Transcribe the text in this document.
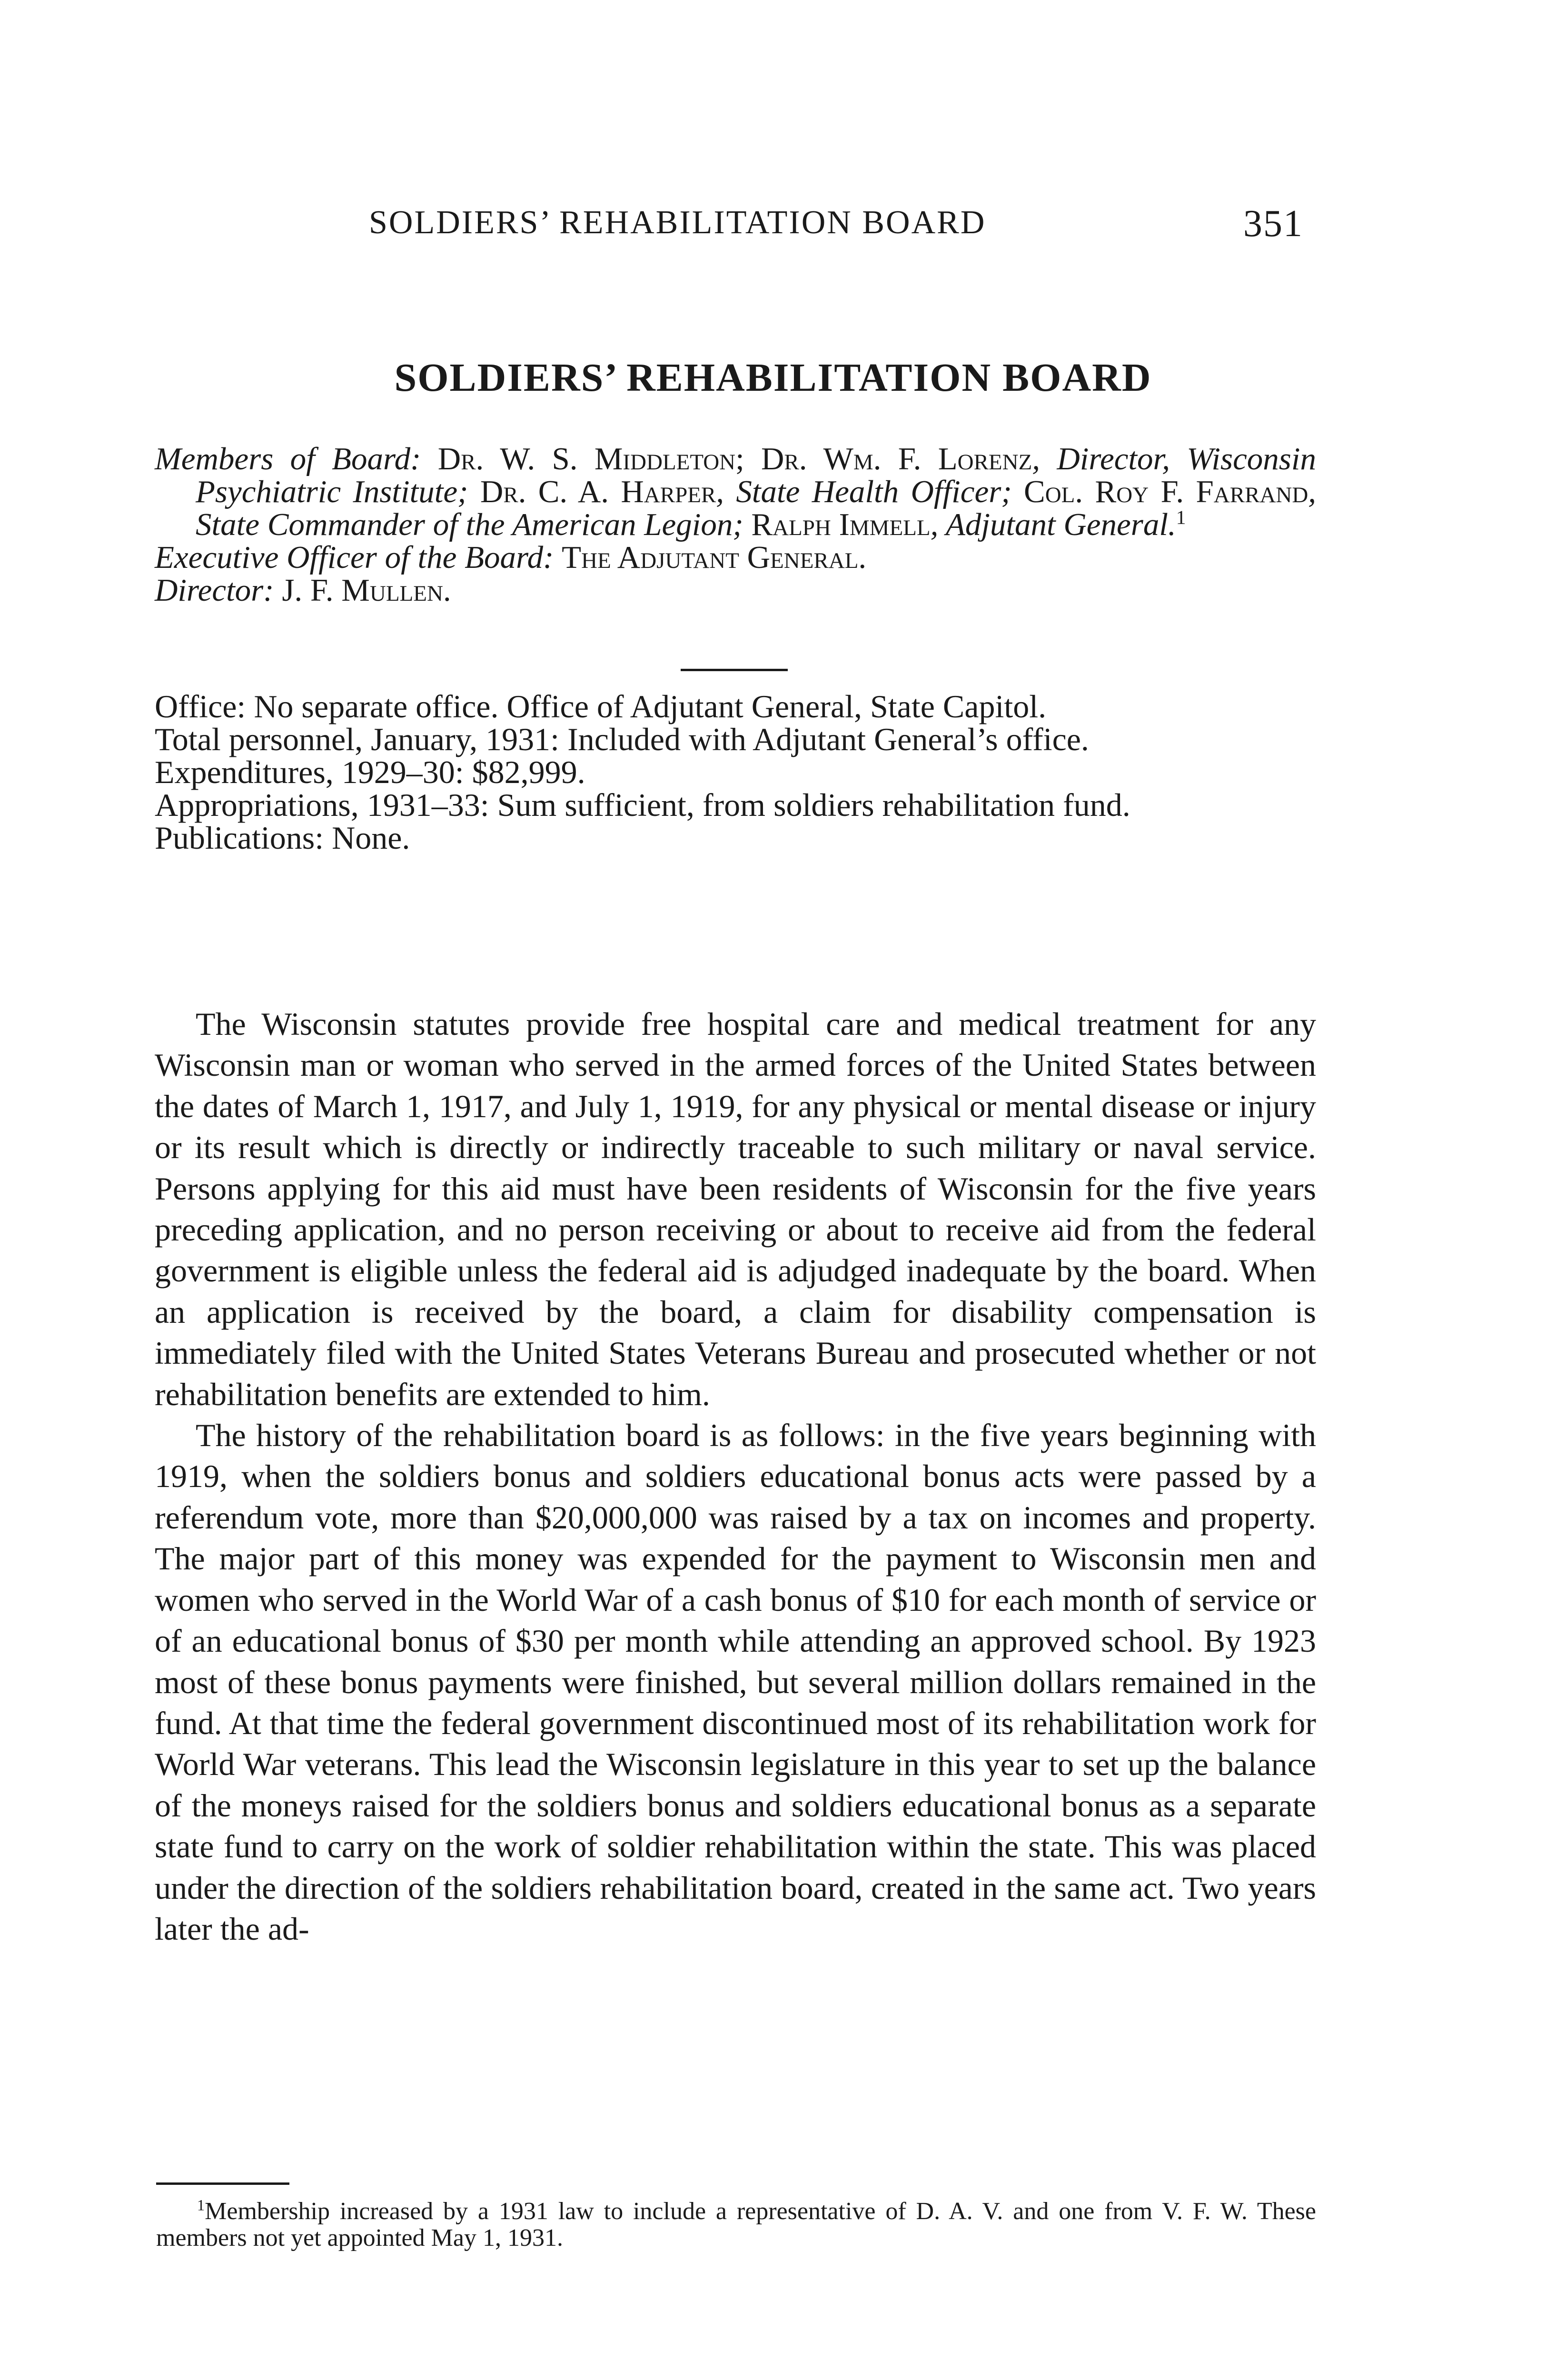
SOLDIERS’ REHABILITATION BOARD	351
SOLDIERS’ REHABILITATION BOARD

Members of Board: Dr. W. S. Middleton; Dr. Wm. F. Lorenz, Director, Wisconsin Psychiatric Institute; Dr. C. A. Harper, State Health Officer; Col. Roy F. Farrand, State Commander of the American Legion; Ralph Immell, Adjutant General.$^1$

Executive Officer of the Board: The Adjutant General.

Director: J. F. Mullen.

Office: No separate office. Office of Adjutant General, State Capitol.

Total personnel, January, 1931: Included with Adjutant General’s office.

Expenditures, 1929–30: $82,999.

Appropriations, 1931–33: Sum sufficient, from soldiers rehabilitation fund.

Publications: None.

The Wisconsin statutes provide free hospital care and medical treatment for any Wisconsin man or woman who served in the armed forces of the United States between the dates of March 1, 1917, and July 1, 1919, for any physical or mental disease or injury or its result which is directly or indirectly traceable to such military or naval service. Persons applying for this aid must have been residents of Wisconsin for the five years preceding application, and no person receiving or about to receive aid from the federal government is eligible unless the federal aid is adjudged inadequate by the board. When an application is received by the board, a claim for disability compensation is immediately filed with the United States Veterans Bureau and prosecuted whether or not rehabilitation benefits are extended to him.

The history of the rehabilitation board is as follows: in the five years beginning with 1919, when the soldiers bonus and soldiers educational bonus acts were passed by a referendum vote, more than $20,000,000 was raised by a tax on incomes and property. The major part of this money was expended for the payment to Wisconsin men and women who served in the World War of a cash bonus of $10 for each month of service or of an educational bonus of $30 per month while attending an approved school. By 1923 most of these bonus payments were finished, but several million dollars remained in the fund. At that time the federal government discontinued most of its rehabilitation work for World War veterans. This lead the Wisconsin legislature in this year to set up the balance of the moneys raised for the soldiers bonus and soldiers educational bonus as a separate state fund to carry on the work of soldier rehabilitation within the state. This was placed under the direction of the soldiers rehabilitation board, created in the same act. Two years later the ad-

$^1$Membership increased by a 1931 law to include a representative of D. A. V. and one from V. F. W. These members not yet appointed May 1, 1931.
